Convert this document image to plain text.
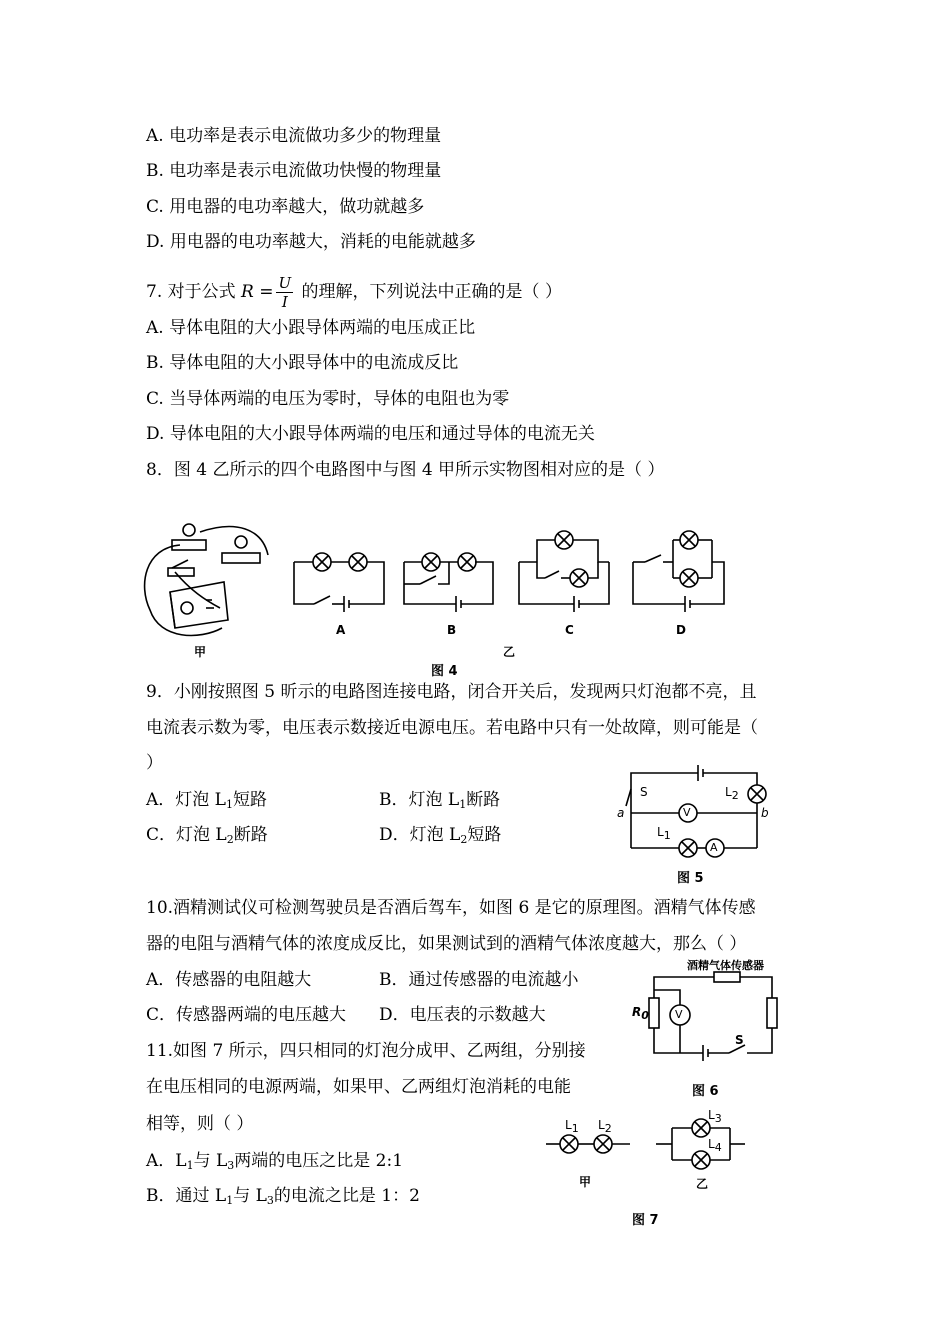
A. 电功率是表示电流做功多少的物理量
B. 电功率是表示电流做功快慢的物理量
C. 用电器的电功率越大，做功就越多
D. 用电器的电功率越大，消耗的电能就越多
7. 对于公式 $R = \frac{U}{I}$ 的理解，下列说法中正确的是（ ）
A. 导体电阻的大小跟导体两端的电压成正比
B. 导体电阻的大小跟导体中的电流成反比
C. 当导体两端的电压为零时，导体的电阻也为零
D. 导体电阻的大小跟导体两端的电压和通过导体的电流无关
8．图 4 乙所示的四个电路图中与图 4 甲所示实物图相对应的是（ ）
甲
A	B
乙
C	D
图 4
9．小刚按照图 5 昕示的电路图连接电路，闭合开关后，发现两只灯泡都不亮，且
电流表示数为零，电压表示数接近电源电压。若电路中只有一处故障，则可能是（
）
A．灯泡 $L_1$短路	B．灯泡 $L_1$断路
C．灯泡 $L_2$断路	D．灯泡 $L_2$短路
V
A
S	$L_2$
$L_1$
a	b
图 5
10.酒精测试仪可检测驾驶员是否酒后驾车，如图 6 是它的原理图。酒精气体传感
器的电阻与酒精气体的浓度成反比，如果测试到的酒精气体浓度越大，那么（ ）
A．传感器的电阻越大	B．通过传感器的电流越小
C．传感器两端的电压越大 D．电压表的示数越大
酒精气体传感器
$R_0$ V
S
图 6
11.如图 7 所示，四只相同的灯泡分成甲、乙两组，分别接
在电压相同的电源两端，如果甲、乙两组灯泡消耗的电能
相等，则（ ）
A．$L_1$与 $L_3$两端的电压之比是 2:1
B．通过 $L_1$与 $L_3$的电流之比是 1：2
$L_1$ $L_2$
$L_3$
$L_4$
甲	乙
图 7
